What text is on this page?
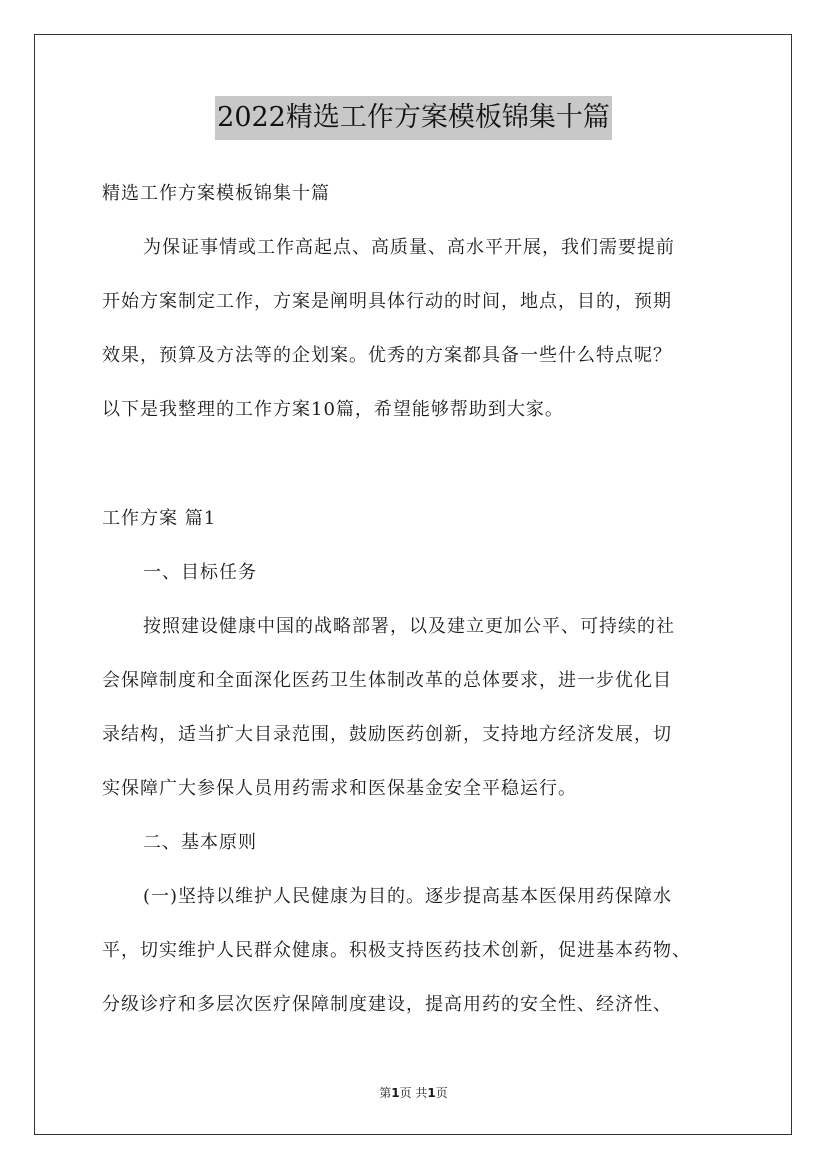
2022精选工作方案模板锦集十篇
精选工作方案模板锦集十篇
为保证事情或工作高起点、高质量、高水平开展，我们需要提前
开始方案制定工作，方案是阐明具体行动的时间，地点，目的，预期
效果，预算及方法等的企划案。优秀的方案都具备一些什么特点呢？
以下是我整理的工作方案10篇，希望能够帮助到大家。
工作方案 篇1
一、目标任务
按照建设健康中国的战略部署，以及建立更加公平、可持续的社
会保障制度和全面深化医药卫生体制改革的总体要求，进一步优化目
录结构，适当扩大目录范围，鼓励医药创新，支持地方经济发展，切
实保障广大参保人员用药需求和医保基金安全平稳运行。
二、基本原则
(一)坚持以维护人民健康为目的。逐步提高基本医保用药保障水
平，切实维护人民群众健康。积极支持医药技术创新，促进基本药物、
分级诊疗和多层次医疗保障制度建设，提高用药的安全性、经济性、
第1页 共1页
